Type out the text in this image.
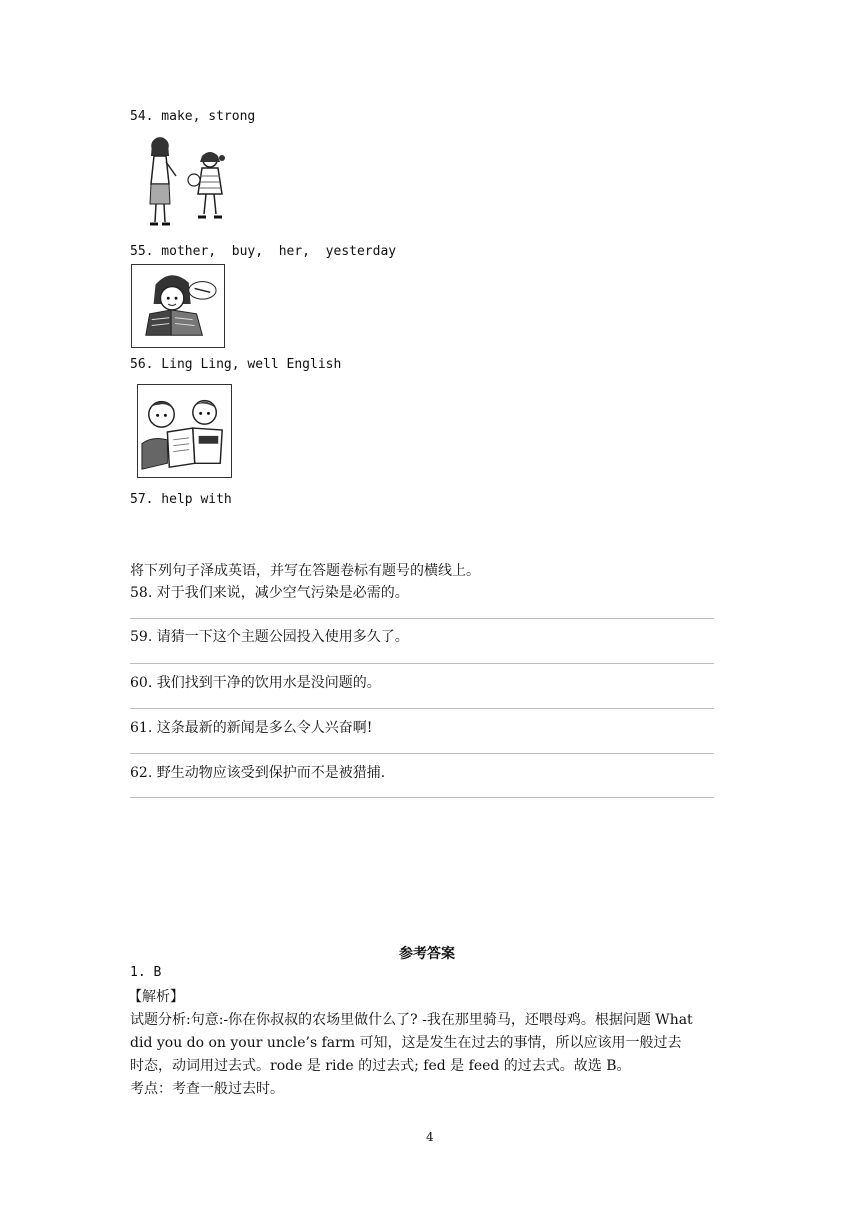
54. make, strong
55. mother,  buy,  her,  yesterday
56. Ling Ling, well English
57. help with
将下列句子泽成英语，并写在答题卷标有题号的横线上。
58. 对于我们来说，减少空气污染是必需的。
59. 请猜一下这个主题公园投入使用多久了。
60. 我们找到干净的饮用水是没问题的。
61. 这条最新的新闻是多么令人兴奋啊!
62. 野生动物应该受到保护而不是被猎捕.
参考答案
1. B
【解析】
试题分析:句意:-你在你叔叔的农场里做什么了? -我在那里骑马，还喂母鸡。根据问题 What
did you do on your uncle’s farm 可知，这是发生在过去的事情，所以应该用一般过去
时态，动词用过去式。rode 是 ride 的过去式; fed 是 feed 的过去式。故选 B。
考点：考查一般过去时。
4
